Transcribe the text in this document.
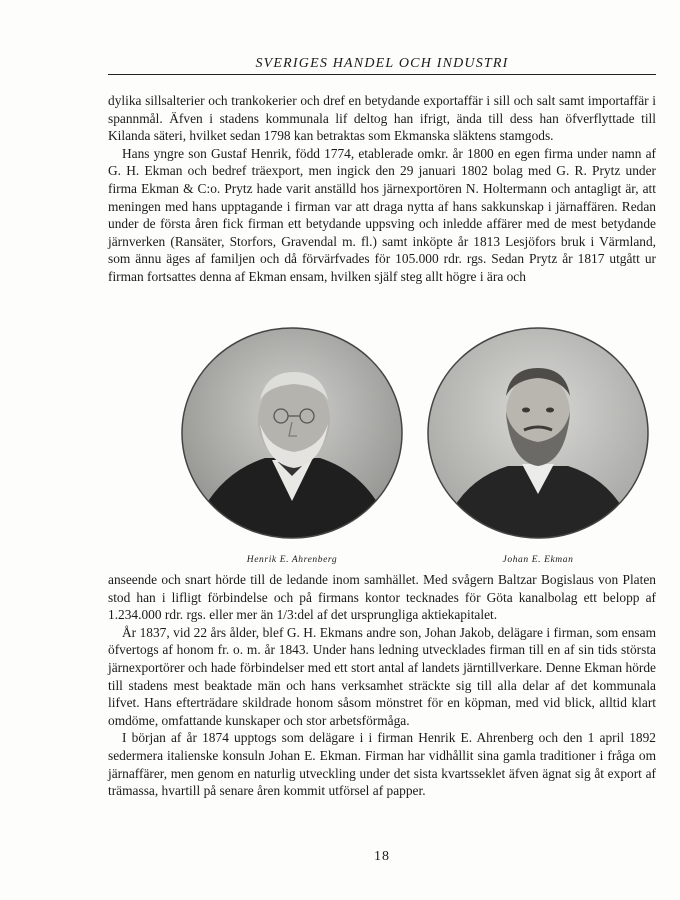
SVERIGES HANDEL OCH INDUSTRI

dylika sillsalterier och trankokerier och dref en betydande exportaffär i sill och salt samt importaffär i spannmål. Äfven i stadens kommunala lif deltog han ifrigt, ända till dess han öfverflyttade till Kilanda säteri, hvilket sedan 1798 kan betraktas som Ekmanska släktens stamgods.

Hans yngre son Gustaf Henrik, född 1774, etablerade omkr. år 1800 en egen firma under namn af G. H. Ekman och bedref träexport, men ingick den 29 januari 1802 bolag med G. R. Prytz under firma Ekman & C:o. Prytz hade varit anställd hos järnexportören N. Holtermann och antagligt är, att meningen med hans upptagande i firman var att draga nytta af hans sakkunskap i järnaffären. Redan under de första åren fick firman ett betydande uppsving och inledde affärer med de mest betydande järnverken (Ransäter, Storfors, Gravendal m. fl.) samt inköpte år 1813 Lesjöfors bruk i Värmland, som ännu äges af familjen och då förvärfvades för 105.000 rdr. rgs. Sedan Prytz år 1817 utgått ur firman fortsattes denna af Ekman ensam, hvilken själf steg allt högre i ära och

Henrik E. Ahrenberg	Johan E. Ekman

anseende och snart hörde till de ledande inom samhället. Med svågern Baltzar Bogislaus von Platen stod han i lifligt förbindelse och på firmans kontor tecknades för Göta kanalbolag ett belopp af 1.234.000 rdr. rgs. eller mer än 1/3:del af det ursprungliga aktiekapitalet.

År 1837, vid 22 års ålder, blef G. H. Ekmans andre son, Johan Jakob, delägare i firman, som ensam öfvertogs af honom fr. o. m. år 1843. Under hans ledning utvecklades firman till en af sin tids största järnexportörer och hade förbindelser med ett stort antal af landets järntillverkare. Denne Ekman hörde till stadens mest beaktade män och hans verksamhet sträckte sig till alla delar af det kommunala lifvet. Hans efterträdare skildrade honom såsom mönstret för en köpman, med vid blick, alltid klart omdöme, omfattande kunskaper och stor arbetsförmåga.

I början af år 1874 upptogs som delägare i i firman Henrik E. Ahrenberg och den 1 april 1892 sedermera italienske konsuln Johan E. Ekman. Firman har vidhållit sina gamla traditioner i fråga om järnaffärer, men genom en naturlig utveckling under det sista kvartsseklet äfven ägnat sig åt export af trämassa, hvartill på senare åren kommit utförsel af papper.

18
